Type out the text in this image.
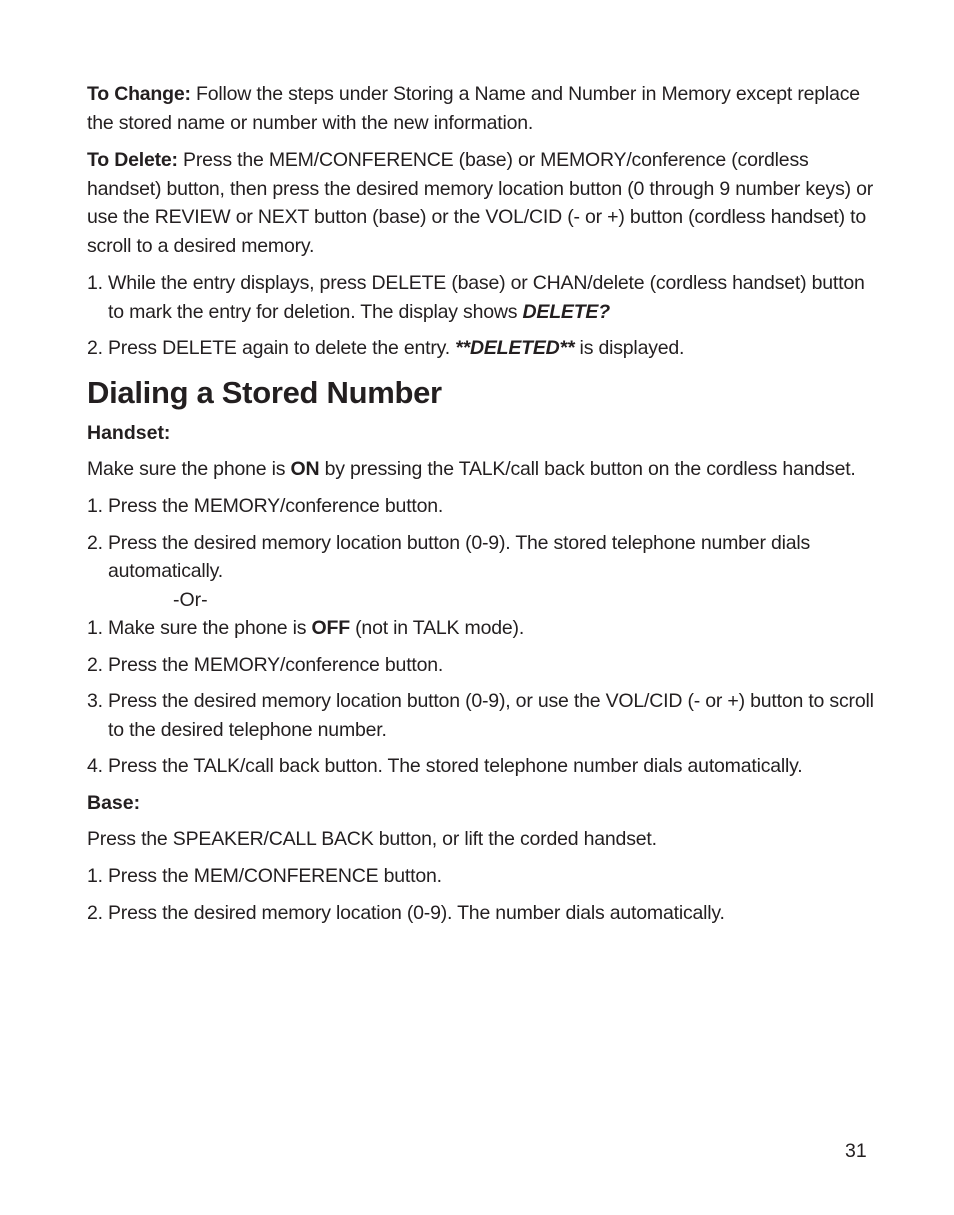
To Change: Follow the steps under Storing a Name and Number in Memory except replace the stored name or number with the new information.

To Delete: Press the MEM/CONFERENCE (base) or MEMORY/conference (cordless handset) button, then press the desired memory location button (0 through 9 number keys) or use the REVIEW or NEXT button (base) or the VOL/CID (- or +) button (cordless handset) to scroll to a desired memory.

1. While the entry displays, press DELETE (base) or CHAN/delete (cordless handset) button to mark the entry for deletion. The display shows DELETE?
2. Press DELETE again to delete the entry. **DELETED** is displayed.
Dialing a Stored Number
Handset:

Make sure the phone is ON by pressing the TALK/call back button on the cordless handset.

1. Press the MEMORY/conference button.
2. Press the desired memory location button (0-9). The stored telephone number dials automatically.
-Or-
1. Make sure the phone is OFF (not in TALK mode).
2. Press the MEMORY/conference button.
3. Press the desired memory location button (0-9), or use the VOL/CID (- or +) button to scroll to the desired telephone number.
4. Press the TALK/call back button. The stored telephone number dials automatically.
Base:

Press the SPEAKER/CALL BACK button, or lift the corded handset.

1. Press the MEM/CONFERENCE button.
2. Press the desired memory location (0-9). The number dials automatically.
31
